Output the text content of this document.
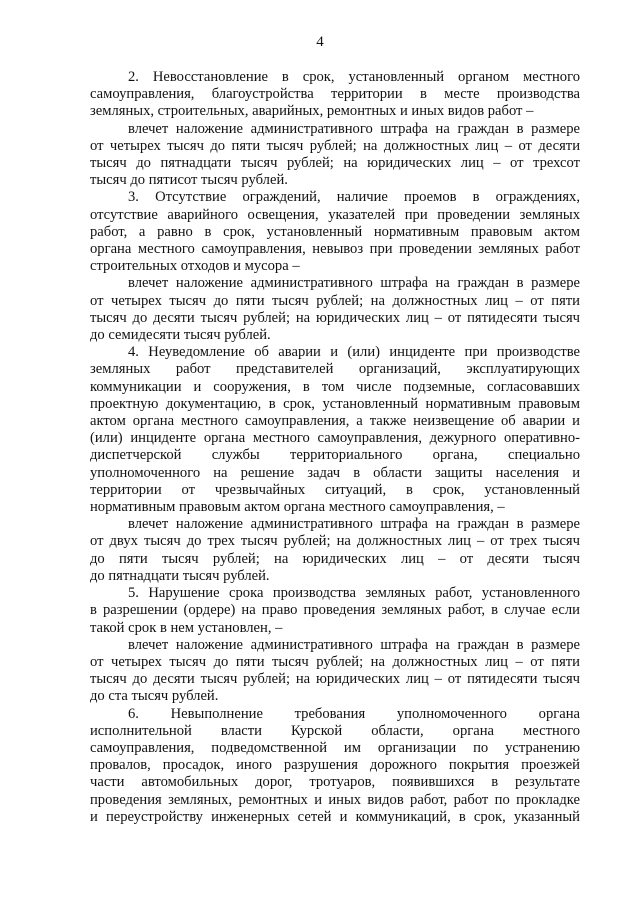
4
2. Невосстановление в срок, установленный органом местного
самоуправления, благоустройства территории в месте производства
земляных, строительных, аварийных, ремонтных и иных видов работ –
влечет наложение административного штрафа на граждан в размере
от четырех тысяч до пяти тысяч рублей; на должностных лиц – от десяти
тысяч до пятнадцати тысяч рублей; на юридических лиц – от трехсот
тысяч до пятисот тысяч рублей.
3. Отсутствие ограждений, наличие проемов в ограждениях,
отсутствие аварийного освещения, указателей при проведении земляных
работ, а равно в срок, установленный нормативным правовым актом
органа местного самоуправления, невывоз при проведении земляных работ
строительных отходов и мусора –
влечет наложение административного штрафа на граждан в размере
от четырех тысяч до пяти тысяч рублей; на должностных лиц – от пяти
тысяч до десяти тысяч рублей; на юридических лиц – от пятидесяти тысяч
до семидесяти тысяч рублей.
4. Неуведомление об аварии и (или) инциденте при производстве
земляных работ представителей организаций, эксплуатирующих
коммуникации и сооружения, в том числе подземные, согласовавших
проектную документацию, в срок, установленный нормативным правовым
актом органа местного самоуправления, а также неизвещение об аварии и
(или) инциденте органа местного самоуправления, дежурного оперативно-
диспетчерской службы территориального органа, специально
уполномоченного на решение задач в области защиты населения и
территории от чрезвычайных ситуаций, в срок, установленный
нормативным правовым актом органа местного самоуправления, –
влечет наложение административного штрафа на граждан в размере
от двух тысяч до трех тысяч рублей; на должностных лиц – от трех тысяч
до пяти тысяч рублей; на юридических лиц – от десяти тысяч
до пятнадцати тысяч рублей.
5. Нарушение срока производства земляных работ, установленного
в разрешении (ордере) на право проведения земляных работ, в случае если
такой срок в нем установлен, –
влечет наложение административного штрафа на граждан в размере
от четырех тысяч до пяти тысяч рублей; на должностных лиц – от пяти
тысяч до десяти тысяч рублей; на юридических лиц – от пятидесяти тысяч
до ста тысяч рублей.
6. Невыполнение требования уполномоченного органа
исполнительной власти Курской области, органа местного
самоуправления, подведомственной им организации по устранению
провалов, просадок, иного разрушения дорожного покрытия проезжей
части автомобильных дорог, тротуаров, появившихся в результате
проведения земляных, ремонтных и иных видов работ, работ по прокладке
и переустройству инженерных сетей и коммуникаций, в срок, указанный
